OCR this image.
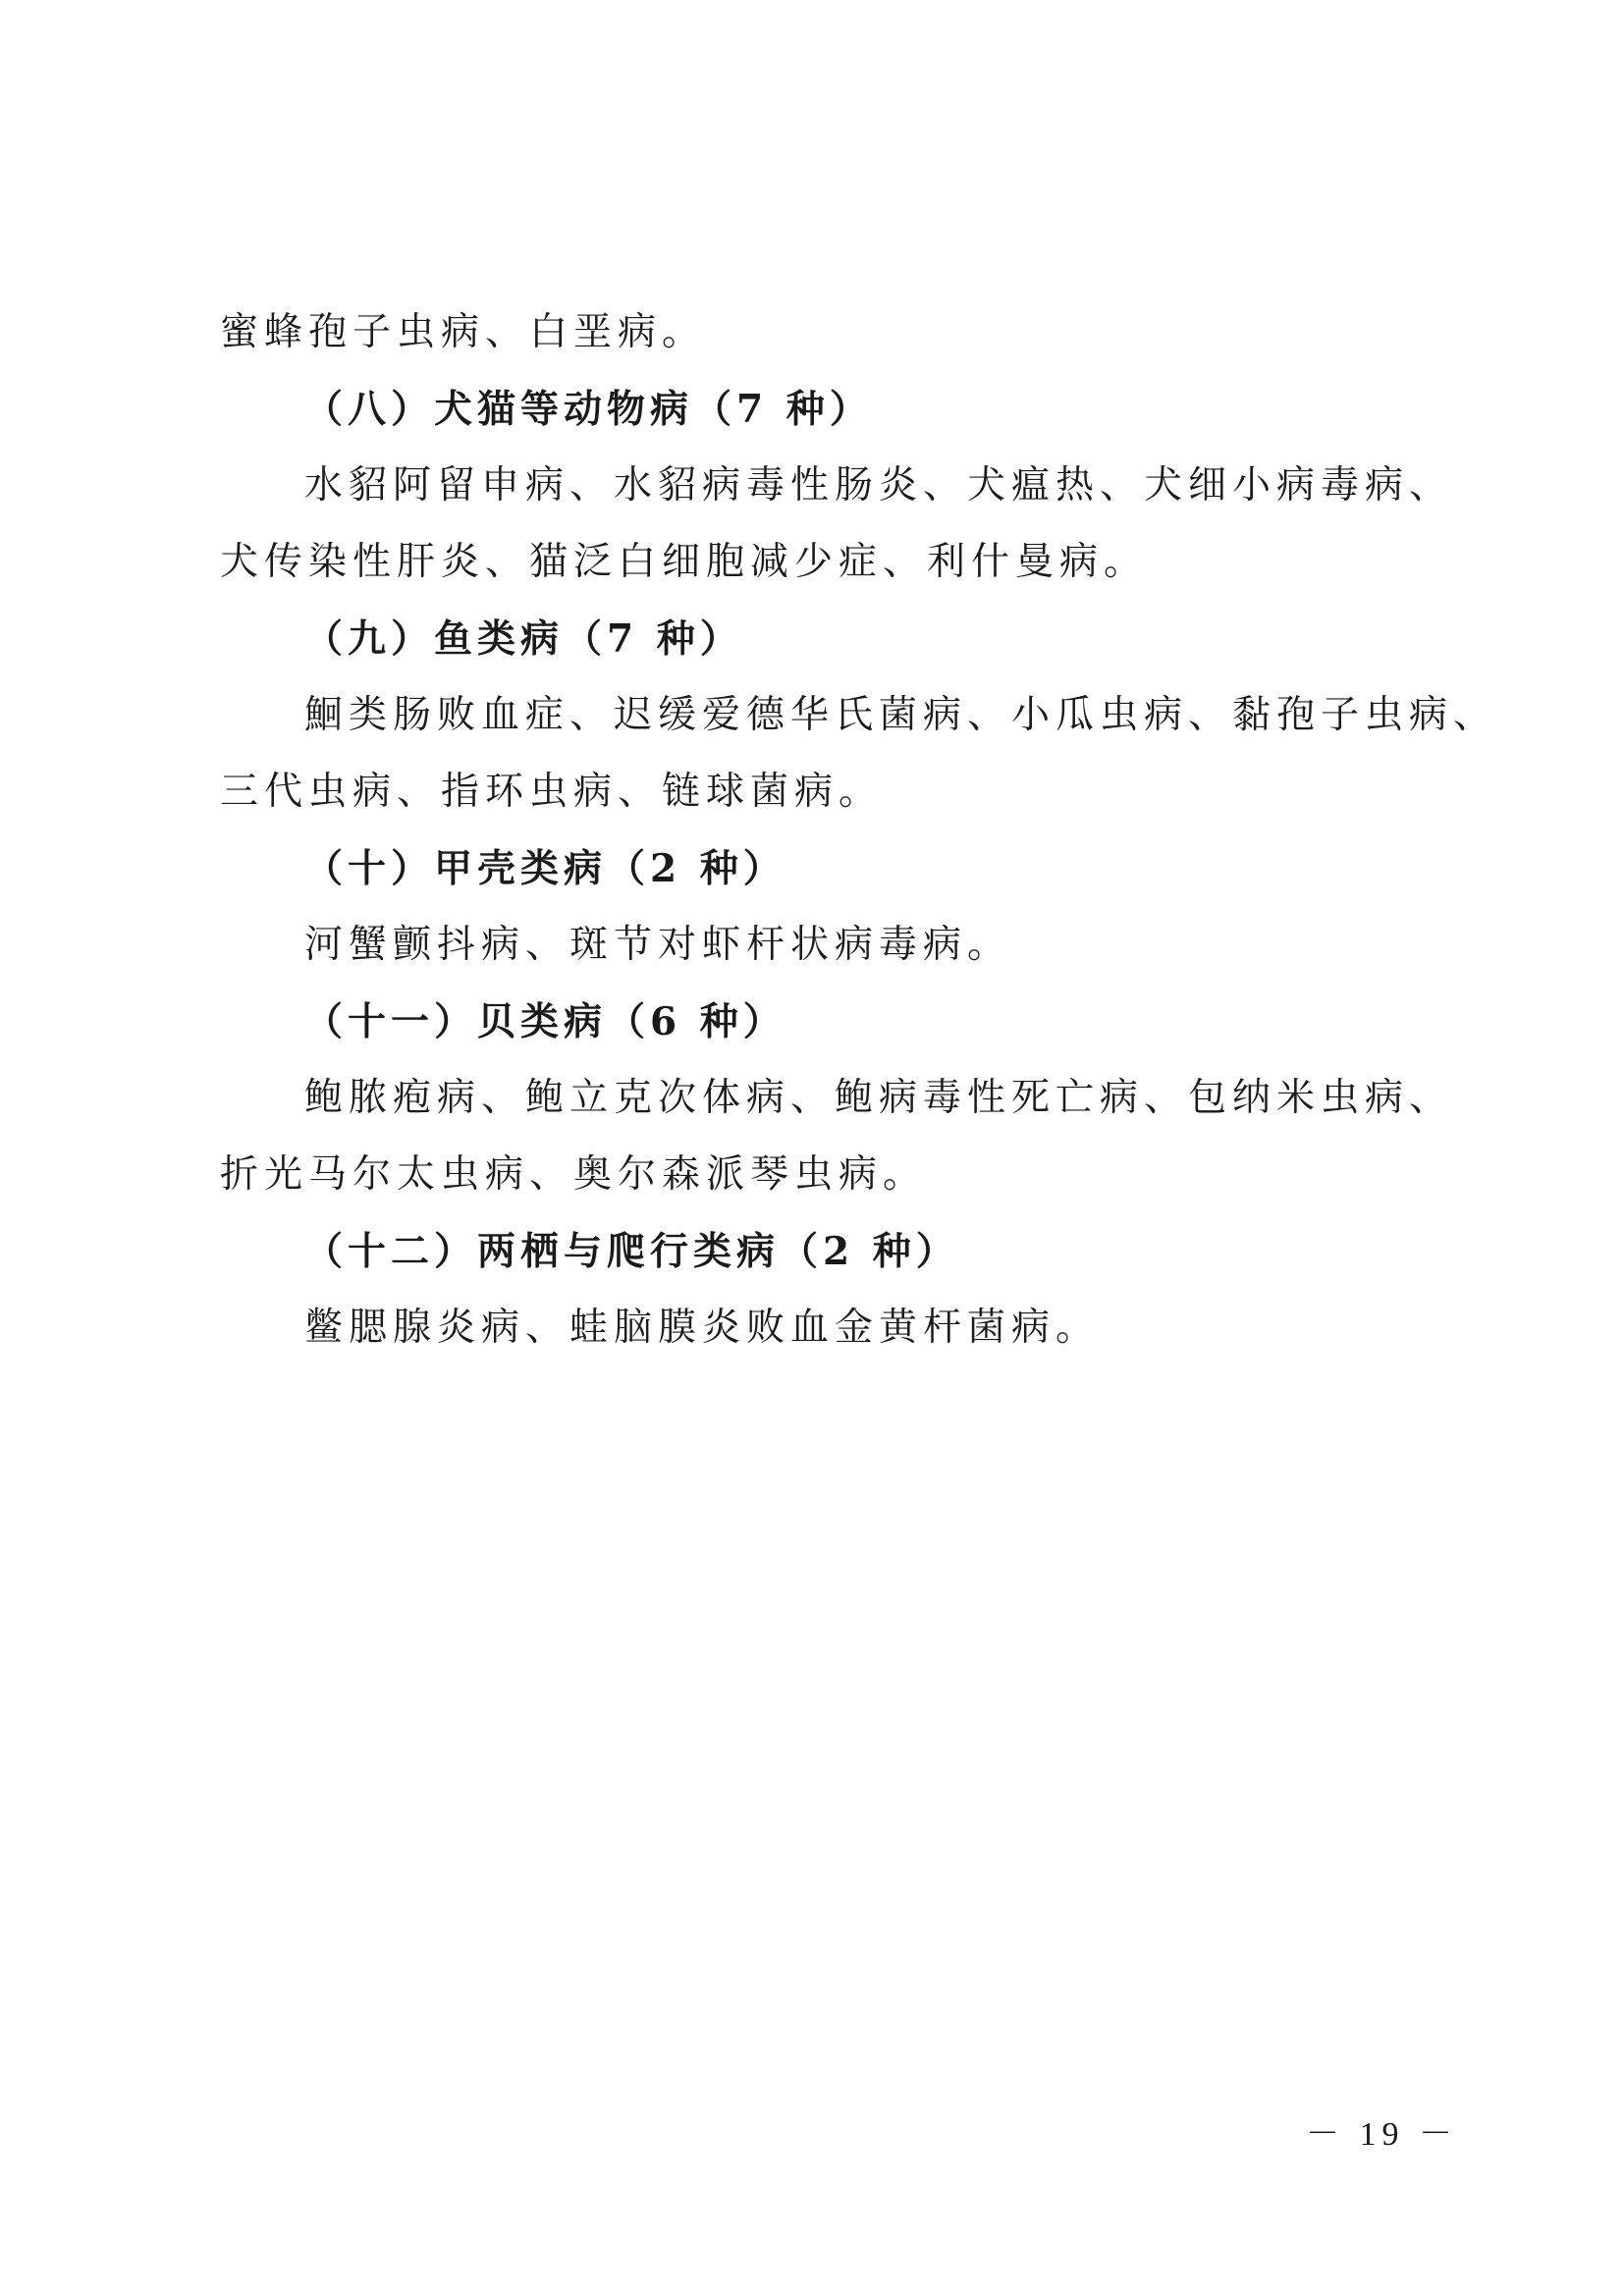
蜜蜂孢子虫病、白垩病。
（八）犬猫等动物病（7 种）
水貂阿留申病、水貂病毒性肠炎、犬瘟热、犬细小病毒病、
犬传染性肝炎、猫泛白细胞减少症、利什曼病。
（九）鱼类病（7 种）
鮰类肠败血症、迟缓爱德华氏菌病、小瓜虫病、黏孢子虫病、
三代虫病、指环虫病、链球菌病。
（十）甲壳类病（2 种）
河蟹颤抖病、斑节对虾杆状病毒病。
（十一）贝类病（6 种）
鲍脓疱病、鲍立克次体病、鲍病毒性死亡病、包纳米虫病、
折光马尔太虫病、奥尔森派琴虫病。
（十二）两栖与爬行类病（2 种）
鳖腮腺炎病、蛙脑膜炎败血金黄杆菌病。
－ 19 －
